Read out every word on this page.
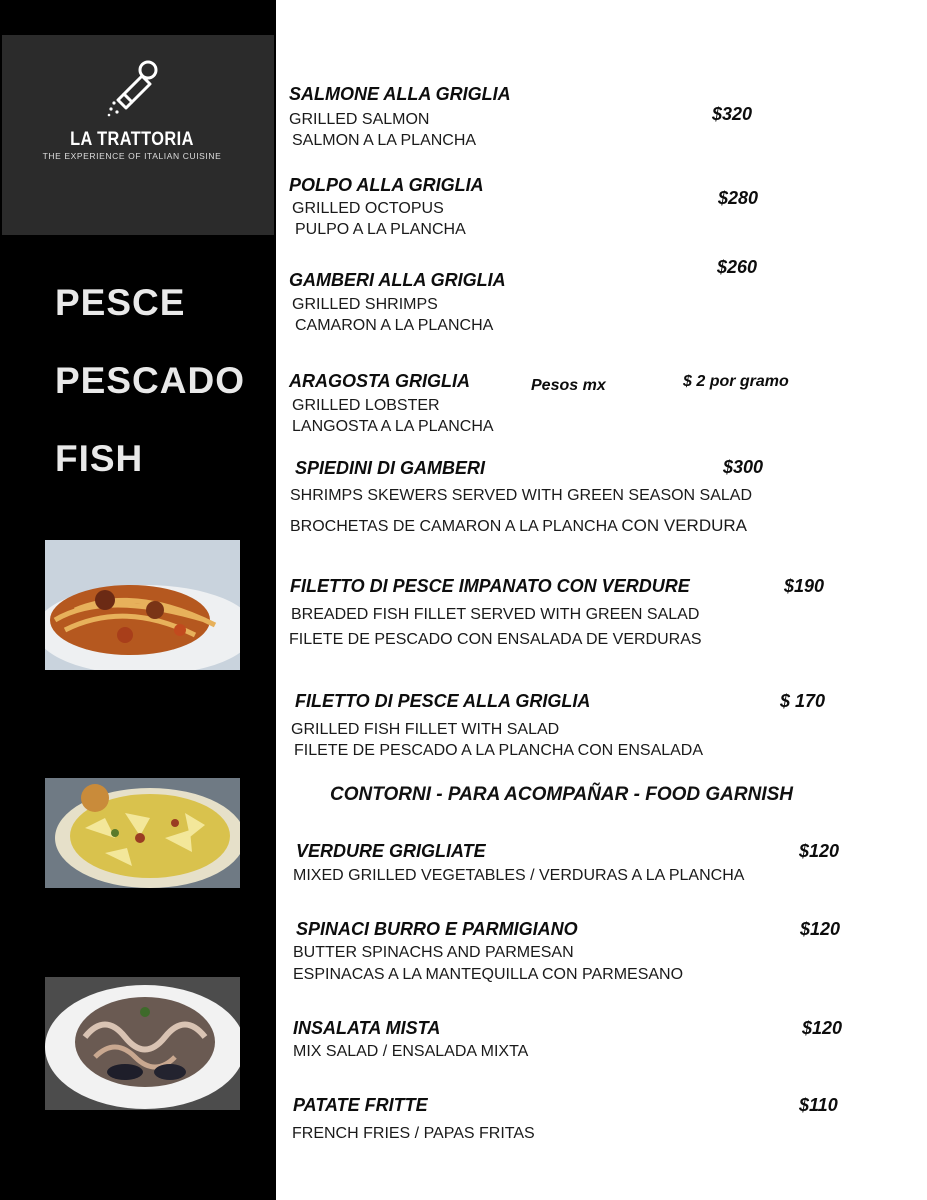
LA TRATTORIA
THE EXPERIENCE OF ITALIAN CUISINE
PESCE
PESCADO
FISH
SALMONE ALLA GRIGLIA
GRILLED SALMON
SALMON A LA PLANCHA
$320
POLPO ALLA GRIGLIA
GRILLED OCTOPUS
PULPO A LA PLANCHA
$280
GAMBERI ALLA GRIGLIA
GRILLED SHRIMPS
CAMARON A LA PLANCHA
$260
ARAGOSTA GRIGLIA	Pesos mx	$ 2 por gramo
GRILLED LOBSTER
LANGOSTA A LA PLANCHA
SPIEDINI DI GAMBERI	$300
SHRIMPS SKEWERS SERVED WITH GREEN SEASON SALAD
BROCHETAS DE CAMARON A LA PLANCHA CON VERDURA
FILETTO DI PESCE IMPANATO CON VERDURE	$190
BREADED FISH FILLET SERVED WITH GREEN SALAD
FILETE DE PESCADO CON ENSALADA DE VERDURAS
FILETTO DI PESCE ALLA GRIGLIA	$ 170
GRILLED FISH FILLET WITH SALAD
FILETE DE PESCADO A LA PLANCHA CON ENSALADA
CONTORNI - PARA ACOMPAÑAR - FOOD GARNISH
VERDURE GRIGLIATE	$120
MIXED GRILLED VEGETABLES / VERDURAS A LA PLANCHA
SPINACI BURRO E PARMIGIANO	$120
BUTTER SPINACHS AND PARMESAN
ESPINACAS A LA MANTEQUILLA CON PARMESANO
INSALATA MISTA	$120
MIX SALAD / ENSALADA MIXTA
PATATE FRITTE	$110
FRENCH FRIES / PAPAS FRITAS
